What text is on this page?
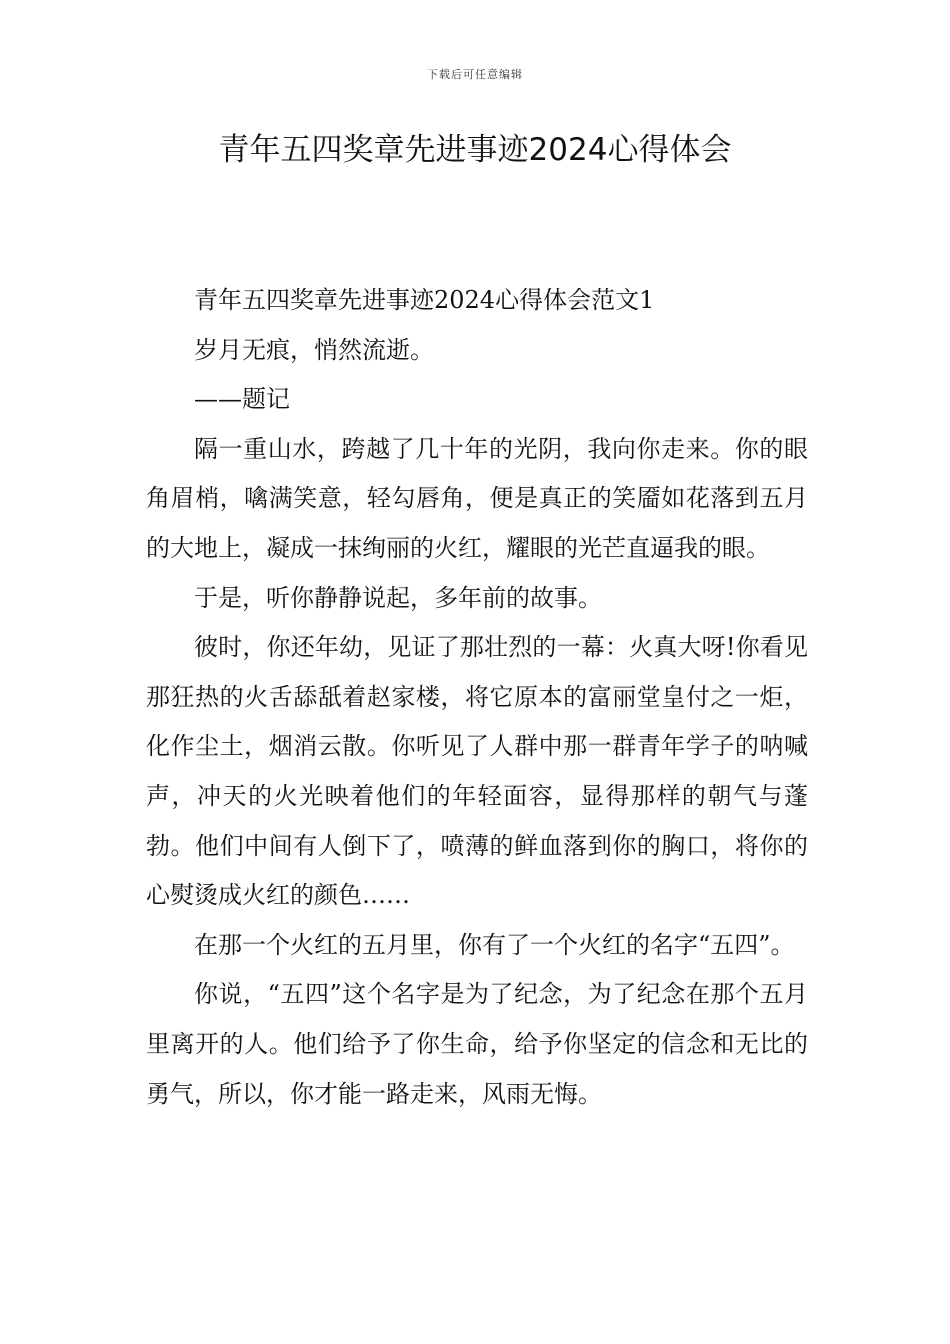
下载后可任意编辑
青年五四奖章先进事迹2024心得体会

青年五四奖章先进事迹2024心得体会范文1

岁月无痕，悄然流逝。

——题记

隔一重山水，跨越了几十年的光阴，我向你走来。你的眼角眉梢，噙满笑意，轻勾唇角，便是真正的笑靥如花落到五月的大地上，凝成一抹绚丽的火红，耀眼的光芒直逼我的眼。

于是，听你静静说起，多年前的故事。

彼时，你还年幼，见证了那壮烈的一幕：火真大呀!你看见那狂热的火舌舔舐着赵家楼，将它原本的富丽堂皇付之一炬，化作尘土，烟消云散。你听见了人群中那一群青年学子的呐喊声，冲天的火光映着他们的年轻面容，显得那样的朝气与蓬勃。他们中间有人倒下了，喷薄的鲜血落到你的胸口，将你的心熨烫成火红的颜色……

在那一个火红的五月里，你有了一个火红的名字“五四”。

你说，“五四”这个名字是为了纪念，为了纪念在那个五月里离开的人。他们给予了你生命，给予你坚定的信念和无比的勇气，所以，你才能一路走来，风雨无悔。
